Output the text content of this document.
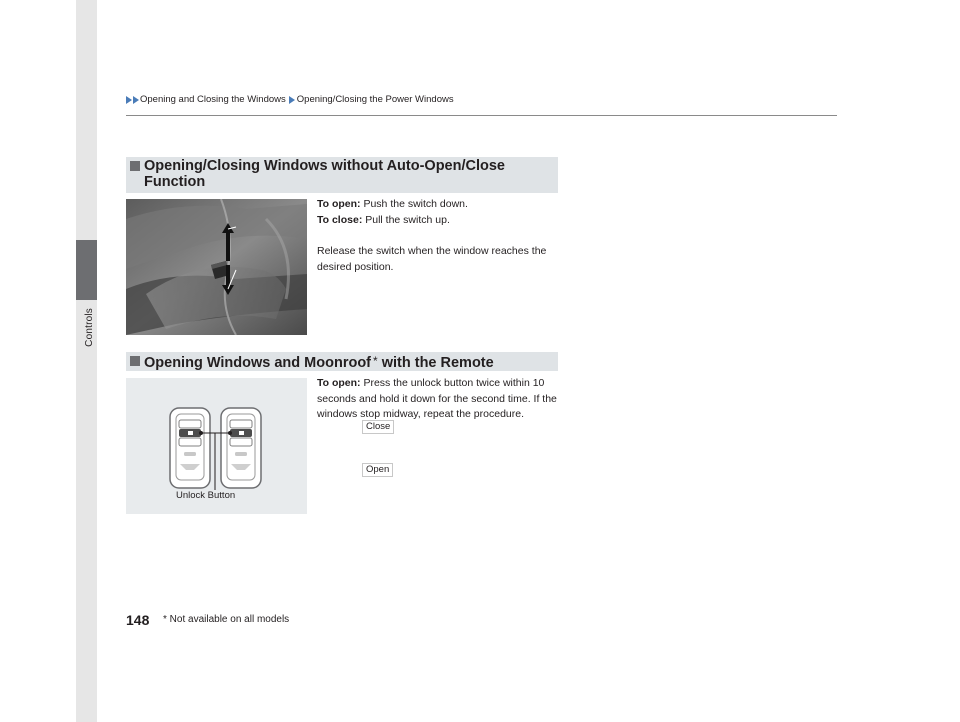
Controls
Opening and Closing the Windows Opening/Closing the Power Windows
Opening/Closing Windows without Auto-Open/Close Function
Close
Open
To open: Push the switch down.
To close: Pull the switch up.
Release the switch when the window reaches the desired position.
Opening Windows and Moonroof * with the Remote
Unlock Button
To open: Press the unlock button twice within 10 seconds and hold it down for the second time. If the windows stop midway, repeat the procedure.
148 * Not available on all models
